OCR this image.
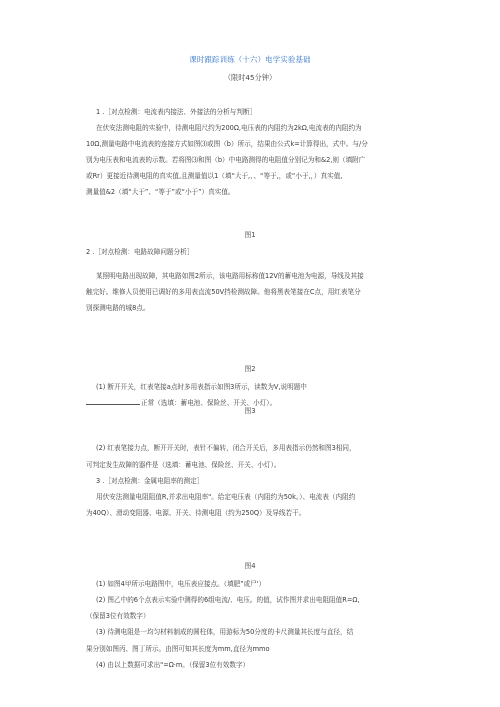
课时跟踪训练（十六）电学实验基础
（限时45分钟）

1 .［对点检测：电流表内接法、外接法的分析与判断］

在伏安法测电阻的实验中，待测电阻尺约为200Ω,电压表的内阻约为2kΩ,电流表的内阻约为

10Ω,测量电路中电流表的连接方式如图⑶或图（b）所示，结果由公式k=计算得出，式中。与/分

别为电压表和电流表的示数。若将图⑶和图（b）中电路测得的电阻值分别记为和&2,则（填附广

或Rr）更接近待测电阻的真实值,且测量值以1（填“大于,、、“等于,，或“小于,，）真实值,

测量值&2（填“大于”、“等于”或“小于”）真实值。

图1

2 .［对点检测：电路故障问题分析］

某照明电路出现故障，其电路如图2所示，该电路用标称值12V的蓄电池为电源，导线及其接

触完好。维修人员使用已调好的多用表直流50V挡检测故障。他将黑表笔接在C点，用红表笔分

别探测电路的城8点。

图2

(1) 断开开关，红表笔接a点时多用表指示如图3所示，读数为V,说明题中

正常（选填：蓄电池、保险丝、开关、小灯）。

图3

(2) 红表笔接力点，断开开关时，表针不偏转，闭合开关后，多用表指示仍然和图3相同，

可判定发生故障的器件是（选填：蓄电池、保险丝、开关、小灯）。

3 .［对点检测：金属电阻率的测定］

用伏安法测量电阻阻值R,并求出电阻率"。给定电压表（内阻约为50k。）、电流表（内阻约

为40Q）、滑动变阻器、电源、开关、待测电阻（约为250Q）及导线若干。

图4

(1) 如图4甲所示电路图中，电压表应接点。（填肥”或尸'）

(2) 图乙中的6个点表示实验中测得的6组电流/、电压。的值，试作图并求出电阻阻值R=Ω,

（保留3位有效数字）

(3) 待测电阻是一均匀材料制成的圆柱体，用游标为50分度的卡尺测量其长度与直径，结

果分别如图丙、图丁所示。由图可知其长度为mm,直径为mmo

(4) 由以上数据可求出"=Ω·m。（保留3位有效数字）
